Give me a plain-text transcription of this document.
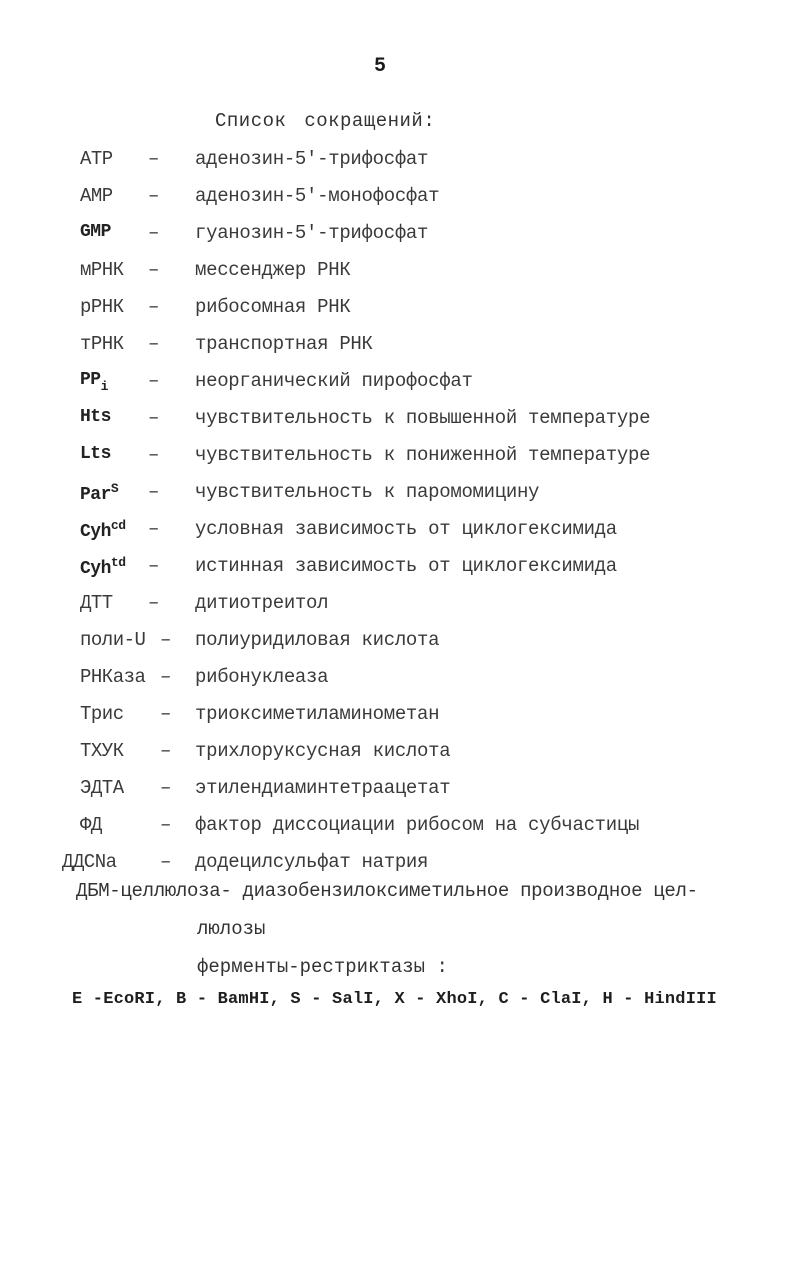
5
Список сокращений:
ATP – аденозин-5'-трифосфат
AMP – аденозин-5'-монофосфат
GMP – гуанозин-5'-трифосфат
мРНК – мессенджер РНК
рРНК – рибосомная РНК
тРНК – транспортная РНК
$PP_i$ – неорганический пирофосфат
Hts – чувствительность к повышенной температуре
Lts – чувствительность к пониженной температуре
Par$^S$ – чувствительность к паромомицину
Cyh$^{cd}$ – условная зависимость от циклогексимида
Cyh$^{td}$ – истинная зависимость от циклогексимида
ДТТ – дитиотреитол
поли-U – полиуридиловая кислота
РНКаза – рибонуклеаза
Трис – триоксиметиламинометан
ТХУК – трихлоруксусная кислота
ЭДТА – этилендиаминтетраацетат
ФД	– фактор диссоциации рибосом на субчастицы
ДДСNa – додецилсульфат натрия
ДБМ-целлюлоза- диазобензилоксиметильное производное цел-
люлозы
ферменты-рестриктазы :
E -EcoRI, B - BamHI, S - SalI, X - XhoI, C - ClaI, H - HindIII
